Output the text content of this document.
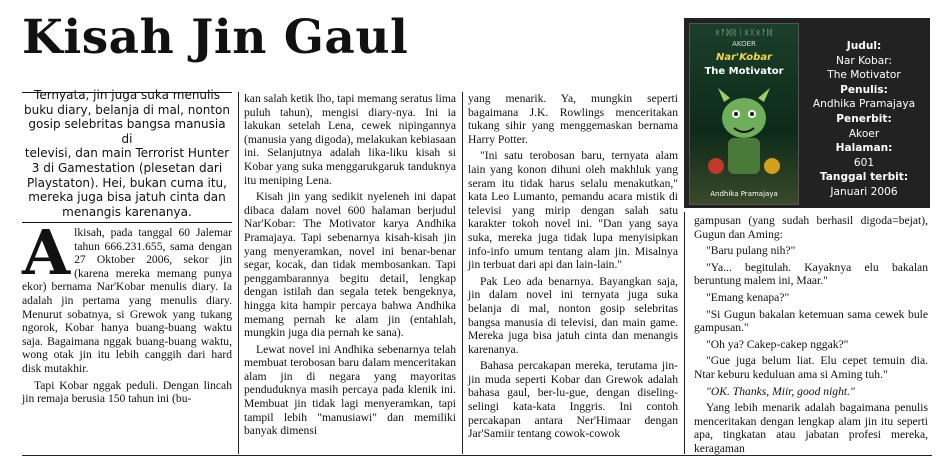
Kisah Jin Gaul

Ternyata, jin juga suka menulis

buku diary, belanja di mal, nonton

gosip selebritas bangsa manusia di

televisi, dan main Terrorist Hunter

3 di Gamestation (plesetan dari

Playstaton). Hei, bukan cuma itu,

mereka juga bisa jatuh cinta dan

menangis karenanya.

A lkisah, pada tanggal 60 Jalemar tahun 666.231.655, sama dengan 27 Oktober 2006, sekor jin (karena mereka memang punya ekor) bernama Nar'Kobar menulis diary. Ia adalah jin pertama yang menulis diary. Menurut sobatnya, si Grewok yang tukang ngorok, Kobar hanya buang-buang waktu saja. Bagaimana nggak buang-buang waktu, wong otak jin itu lebih canggih dari hard disk mutakhir.

Tapi Kobar nggak peduli. Dengan lincah jin remaja berusia 150 tahun ini (bu-

kan salah ketik lho, tapi memang seratus lima puluh tahun), mengisi diary-nya. Ini ia lakukan setelah Lena, cewek nipingannya (manusia yang digoda), melakukan kebiasaan ini. Selanjutnya adalah lika-liku kisah si Kobar yang suka menggarukgaruk tanduknya itu meniping Lena.

Kisah jin yang sedikit nyeleneh ini dapat dibaca dalam novel 600 halaman berjudul Nar'Kobar: The Motivator karya Andhika Pramajaya. Tapi sebenarnya kisah-kisah jin yang menyeramkan, novel ini benar-benar segar, kocak, dan tidak membosankan. Tapi penggambarannya begitu detail, lengkap dengan istilah dan segala tetek bengeknya, hingga kita hampir percaya bahwa Andhika memang pernah ke alam jin (entahlah, mungkin juga dia pernah ke sana).

Lewat novel ini Andhika sebenarnya telah membuat terobosan baru dalam menceritakan alam jin di negara yang mayoritas penduduknya masih percaya pada klenik ini. Membuat jin tidak lagi menyeramkan, tapi tampil lebih "manusiawi" dan memiliki banyak dimensi

yang menarik. Ya, mungkin seperti bagaimana J.K. Rowlings menceritakan tukang sihir yang menggemaskan bernama Harry Potter.

"Ini satu terobosan baru, ternyata alam lain yang konon dihuni oleh makhluk yang seram itu tidak harus selalu menakutkan," kata Leo Lumanto, pemandu acara mistik di televisi yang mirip dengan salah satu karakter tokoh novel ini. "Dan yang saya suka, mereka juga tidak lupa menyisipkan info-info umum tentang alam jin. Misalnya jin terbuat dari api dan lain-lain."

Pak Leo ada benarnya. Bayangkan saja, jin dalam novel ini ternyata juga suka belanja di mal, nonton gosip selebritas bangsa manusia di televisi, dan main game. Mereka juga bisa jatuh cinta dan menangis karenanya.

Bahasa percakapan mereka, terutama jin-jin muda seperti Kobar dan Grewok adalah bahasa gaul, ber-lu-gue, dengan diseling-selingi kata-kata Inggris. Ini contoh percakapan antara Ner'Himaar dengan Jar'Samiir tentang cowok-cowok

gampusan (yang sudah berhasil digoda=bejat), Gugun dan Aming:

"Baru pulang nih?"

"Ya... begitulah. Kayaknya elu bakalan beruntung malem ini, Maar."

"Emang kenapa?"

"Si Gugun bakalan ketemuan sama cewek bule gampusan."

"Oh ya? Cakep-cakep nggak?"

"Gue juga belum liat. Elu cepet temuin dia. Ntar keburu keduluan ama si Aming tuh."

"OK. Thanks, Miir, good night."

Yang lebih menarik adalah bagaimana penulis menceritakan dengan lengkap alam jin itu seperti apa, tingkatan atau jabatan profesi mereka, keragaman

ᛟᚨᛞᚱᛁᛟᚷᛟᚨᛞ
AKOER
Nar'Kobar
The Motivator
Andhika Pramajaya
Judul:
Nar Kobar:
The Motivator
Penulis:
Andhika Pramajaya
Penerbit:
Akoer
Halaman:
601
Tanggal terbit:
Januari 2006
